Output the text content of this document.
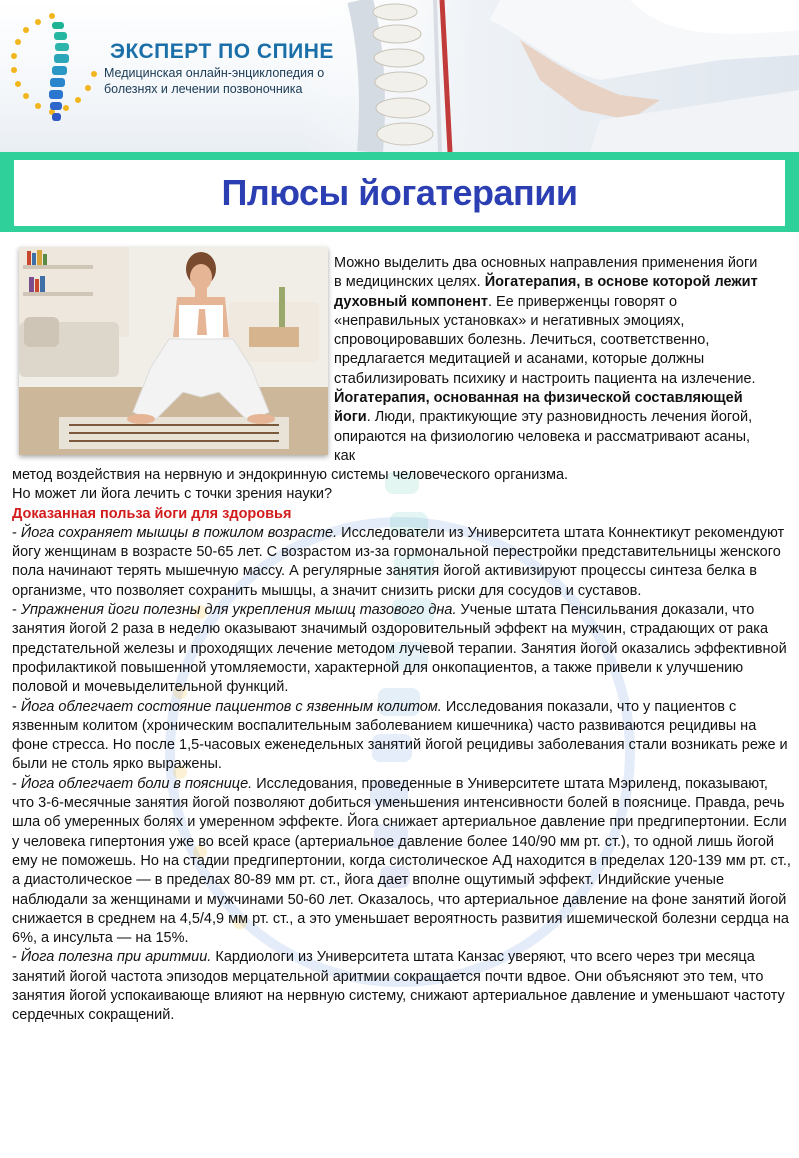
ЭКСПЕРТ ПО СПИНЕ
Медицинская онлайн-энциклопедия о болезнях и лечении позвоночника
Плюсы йогатерапии

Можно выделить два основных направления применения йоги в медицинских целях. Йогатерапия, в основе которой лежит духовный компонент. Ее приверженцы говорят о «неправильных установках» и негативных эмоциях, спровоцировавших болезнь. Лечиться, соответственно, предлагается медитацией и асанами, которые должны стабилизировать психику и настроить пациента на излечение.

Йогатерапия, основанная на физической составляющей йоги. Люди, практикующие эту разновидность лечения йогой, опираются на физиологию человека и рассматривают асаны, как

метод воздействия на нервную и эндокринную системы человеческого организма.

Но может ли йога лечить с точки зрения науки?

Доказанная польза йоги для здоровья

- Йога сохраняет мышцы в пожилом возрасте. Исследователи из Университета штата Коннектикут рекомендуют йогу женщинам в возрасте 50-65 лет. С возрастом из-за гормональной перестройки представительницы женского пола начинают терять мышечную массу. А регулярные занятия йогой активизируют процессы синтеза белка в организме, что позволяет сохранить мышцы, а значит снизить риски для сосудов и суставов.

- Упражнения йоги полезны для укрепления мышц тазового дна. Ученые штата Пенсильвания доказали, что занятия йогой 2 раза в неделю оказывают значимый оздоровительный эффект на мужчин, страдающих от рака предстательной железы и проходящих лечение методом лучевой терапии. Занятия йогой оказались эффективной профилактикой повышенной утомляемости, характерной для онкопациентов, а также привели к улучшению половой и мочевыделительной функций.

- Йога облегчает состояние пациентов с язвенным колитом. Исследования показали, что у пациентов с язвенным колитом (хроническим воспалительным заболеванием кишечника) часто развиваются рецидивы на фоне стресса. Но после 1,5-часовых еженедельных занятий йогой рецидивы заболевания стали возникать реже и были не столь ярко выражены.

- Йога облегчает боли в пояснице. Исследования, проведенные в Университете штата Мэриленд, показывают, что 3-6-месячные занятия йогой позволяют добиться уменьшения интенсивности болей в пояснице. Правда, речь шла об умеренных болях и умеренном эффекте. Йога снижает артериальное давление при предгипертонии. Если у человека гипертония уже во всей красе (артериальное давление более 140/90 мм рт. ст.), то одной лишь йогой ему не поможешь. Но на стадии предгипертонии, когда систолическое АД находится в пределах 120-139 мм рт. ст., а диастолическое — в пределах 80-89 мм рт. ст., йога дает вполне ощутимый эффект. Индийские ученые наблюдали за женщинами и мужчинами 50-60 лет. Оказалось, что артериальное давление на фоне занятий йогой снижается в среднем на 4,5/4,9 мм рт. ст., а это уменьшает вероятность развития ишемической болезни сердца на 6%, а инсульта — на 15%.

- Йога полезна при аритмии. Кардиологи из Университета штата Канзас уверяют, что всего через три месяца занятий йогой частота эпизодов мерцательной аритмии сокращается почти вдвое. Они объясняют это тем, что занятия йогой успокаивающе влияют на нервную систему, снижают артериальное давление и уменьшают частоту сердечных сокращений.
